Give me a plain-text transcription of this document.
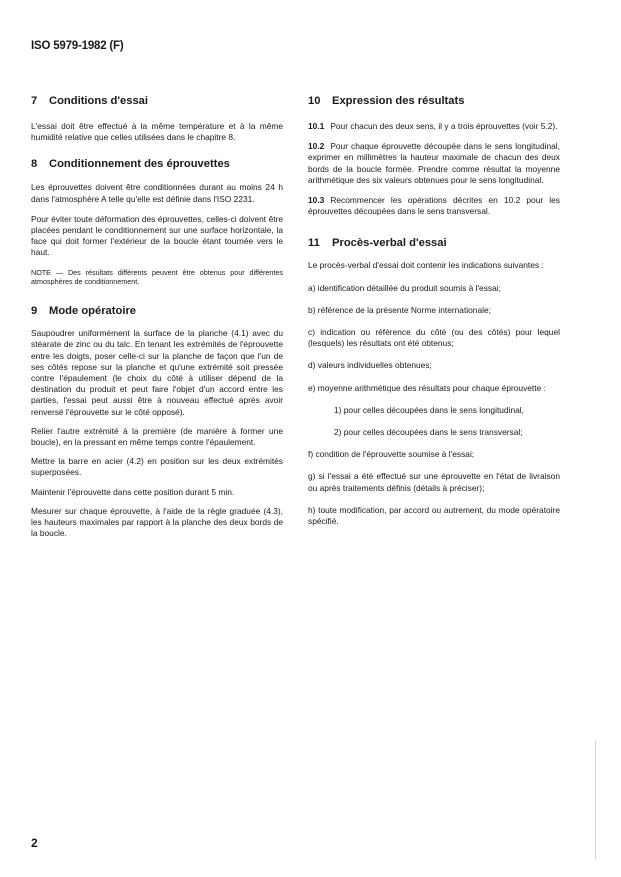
ISO 5979-1982 (F)
7 Conditions d'essai

L'essai doit être effectué à la même température et à la même humidité relative que celles utilisées dans le chapitre 8.

8 Conditionnement des éprouvettes

Les éprouvettes doivent être conditionnées durant au moins 24 h dans l'atmosphère A telle qu'elle est définie dans l'ISO 2231.

Pour éviter toute déformation des éprouvettes, celles-ci doivent être placées pendant le conditionnement sur une surface horizontale, la face qui doit former l'extérieur de la boucle étant tournée vers le haut.

NOTE — Des résultats différents peuvent être obtenus pour différentes atmosphères de conditionnement.

9 Mode opératoire

Saupoudrer uniformément la surface de la planche (4.1) avec du stéarate de zinc ou du talc. En tenant les extrémités de l'éprouvette entre les doigts, poser celle-ci sur la planche de façon que l'un de ses côtés repose sur la planche et qu'une extrémité soit pressée contre l'épaulement (le choix du côté à utiliser dépend de la destination du produit et peut faire l'objet d'un accord entre les parties, l'essai peut aussi être à nouveau effectué après avoir renversé l'éprouvette sur le côté opposé).

Relier l'autre extrémité à la première (de manière à former une boucle), en la pressant en même temps contre l'épaulement.

Mettre la barre en acier (4.2) en position sur les deux extrémités superposées.

Maintenir l'éprouvette dans cette position durant 5 min.

Mesurer sur chaque éprouvette, à l'aide de la règle graduée (4.3), les hauteurs maximales par rapport à la planche des deux bords de la boucle.

10 Expression des résultats

10.1 Pour chacun des deux sens, il y a trois éprouvettes (voir 5.2).

10.2 Pour chaque éprouvette découpée dans le sens longitudinal, exprimer en millimètres la hauteur maximale de chacun des deux bords de la boucle formée. Prendre comme résultat la moyenne arithmétique des six valeurs obtenues pour le sens longitudinal.

10.3 Recommencer les opérations décrites en 10.2 pour les éprouvettes découpées dans le sens transversal.

11 Procès-verbal d'essai

Le procès-verbal d'essai doit contenir les indications suivantes :

a) identification détaillée du produit soumis à l'essai;

b) référence de la présente Norme internationale;

c) indication ou référence du côté (ou des côtés) pour lequel (lesquels) les résultats ont été obtenus;

d) valeurs individuelles obtenues;

e) moyenne arithmétique des résultats pour chaque éprouvette :

1) pour celles découpées dans le sens longitudinal,

2) pour celles découpées dans le sens transversal;

f) condition de l'éprouvette soumise à l'essai;

g) si l'essai a été effectué sur une éprouvette en l'état de livraison ou après traitements définis (détails à préciser);

h) toute modification, par accord ou autrement, du mode opératoire spécifié.

2
